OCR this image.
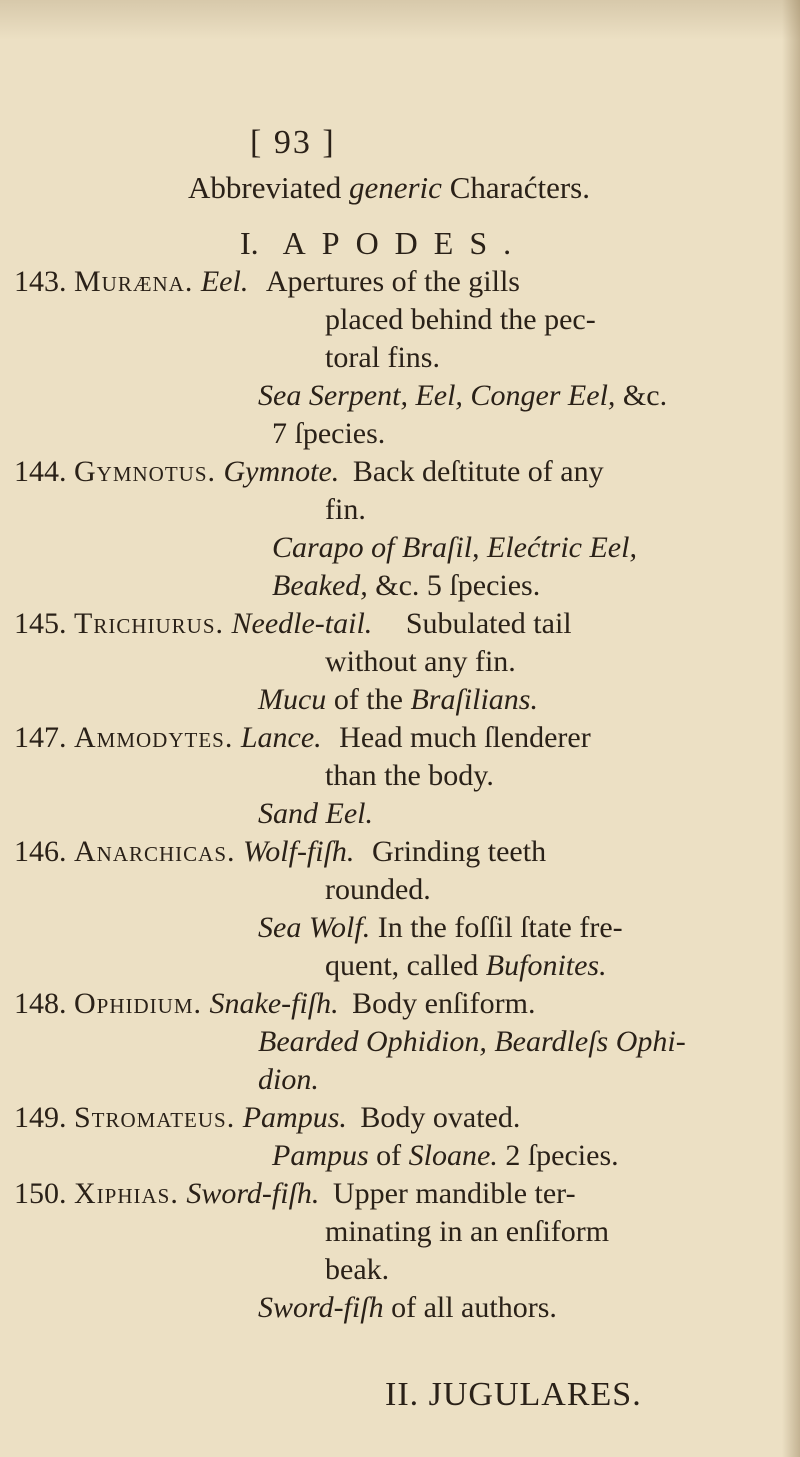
[ 93 ]
Abbreviated generic Charaćters.
I. APODES.
143. Muræna. Eel. Apertures of the gills
placed behind the pec-
toral fins.
Sea Serpent, Eel, Conger Eel, &c.
7 ſpecies.
144. Gymnotus. Gymnote. Back deſtitute of any
fin.
Carapo of Braſil, Elećtric Eel,
Beaked, &c. 5 ſpecies.
145. Trichiurus. Needle-tail. Subulated tail
without any fin.
Mucu of the Braſilians.
147. Ammodytes. Lance. Head much ſlenderer
than the body.
Sand Eel.
146. Anarchicas. Wolf-fiſh. Grinding teeth
rounded.
Sea Wolf. In the foſſil ſtate fre-
quent, called Bufonites.
148. Ophidium. Snake-fiſh. Body enſiform.
Bearded Ophidion, Beardleſs Ophi-
dion.
149. Stromateus. Pampus. Body ovated.
Pampus of Sloane. 2 ſpecies.
150. Xiphias. Sword-fiſh. Upper mandible ter-
minating in an enſiform
beak.
Sword-fiſh of all authors.
II. JUGULARES.
